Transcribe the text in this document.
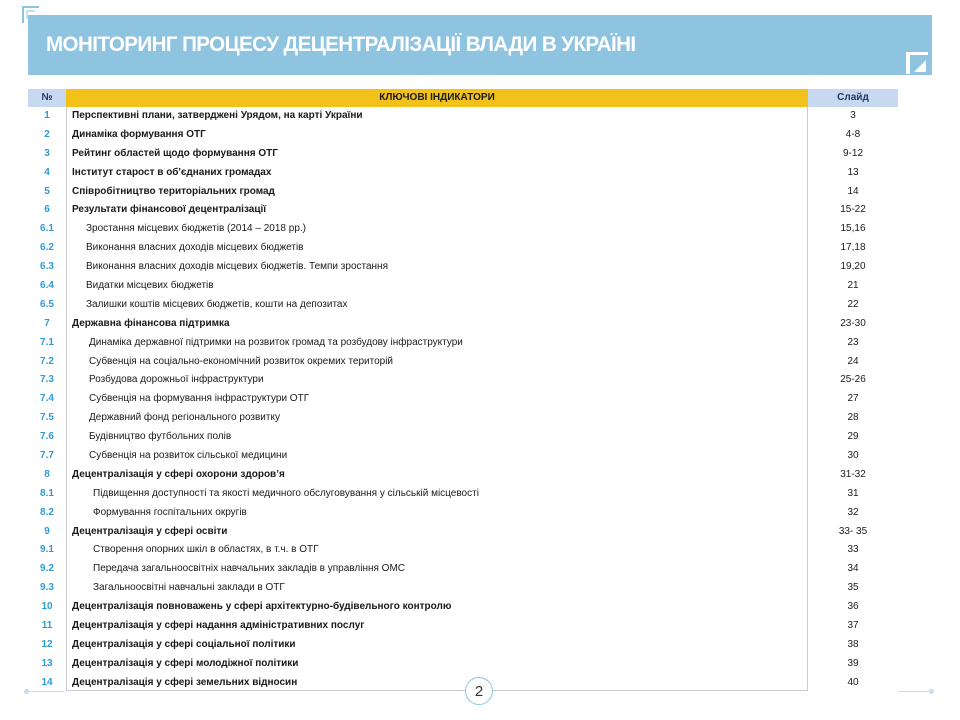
МОНІТОРИНГ ПРОЦЕСУ ДЕЦЕНТРАЛІЗАЦІЇ ВЛАДИ В УКРАЇНІ
№	КЛЮЧОВІ ІНДИКАТОРИ	Слайд
1	Перспективні плани, затверджені Урядом, на карті України	3
2	Динаміка формування ОТГ	4-8
3	Рейтинг областей щодо формування ОТГ	9-12
4	Інститут старост в об'єднаних громадах	13
5	Співробітництво територіальних громад	14
6	Результати фінансової децентралізації	15-22
6.1	Зростання місцевих бюджетів (2014 – 2018 рр.)	15,16
6.2	Виконання власних доходів місцевих бюджетів	17,18
6.3	Виконання власних доходів місцевих бюджетів. Темпи зростання	19,20
6.4	Видатки місцевих бюджетів	21
6.5	Залишки коштів місцевих бюджетів, кошти на депозитах	22
7	Державна фінансова підтримка	23-30
7.1	Динаміка державної підтримки на розвиток громад та розбудову інфраструктури	23
7.2	Субвенція на соціально-економічний розвиток окремих територій	24
7.3	Розбудова дорожньої інфраструктури	25-26
7.4	Субвенція на формування інфраструктури ОТГ	27
7.5	Державний фонд регіонального розвитку	28
7.6	Будівництво футбольних полів	29
7.7	Субвенція на розвиток сільської медицини	30
8	Децентралізація у сфері охорони здоров’я	31-32
8.1	Підвищення доступності та якості медичного обслуговування у сільській місцевості	31
8.2	Формування госпітальних округів	32
9	Децентралізація у сфері освіти	33- 35
9.1	Створення опорних шкіл в областях, в т.ч. в ОТГ	33
9.2	Передача загальноосвітніх навчальних закладів в управління ОМС	34
9.3	Загальноосвітні навчальні заклади в ОТГ	35
10	Децентралізація повноважень у сфері архітектурно-будівельного контролю	36
11	Децентралізація у сфері надання адміністративних послуг	37
12	Децентралізація у сфері соціальної політики	38
13	Децентралізація у сфері молодіжної політики	39
14	Децентралізація у сфері земельних відносин	40
2
